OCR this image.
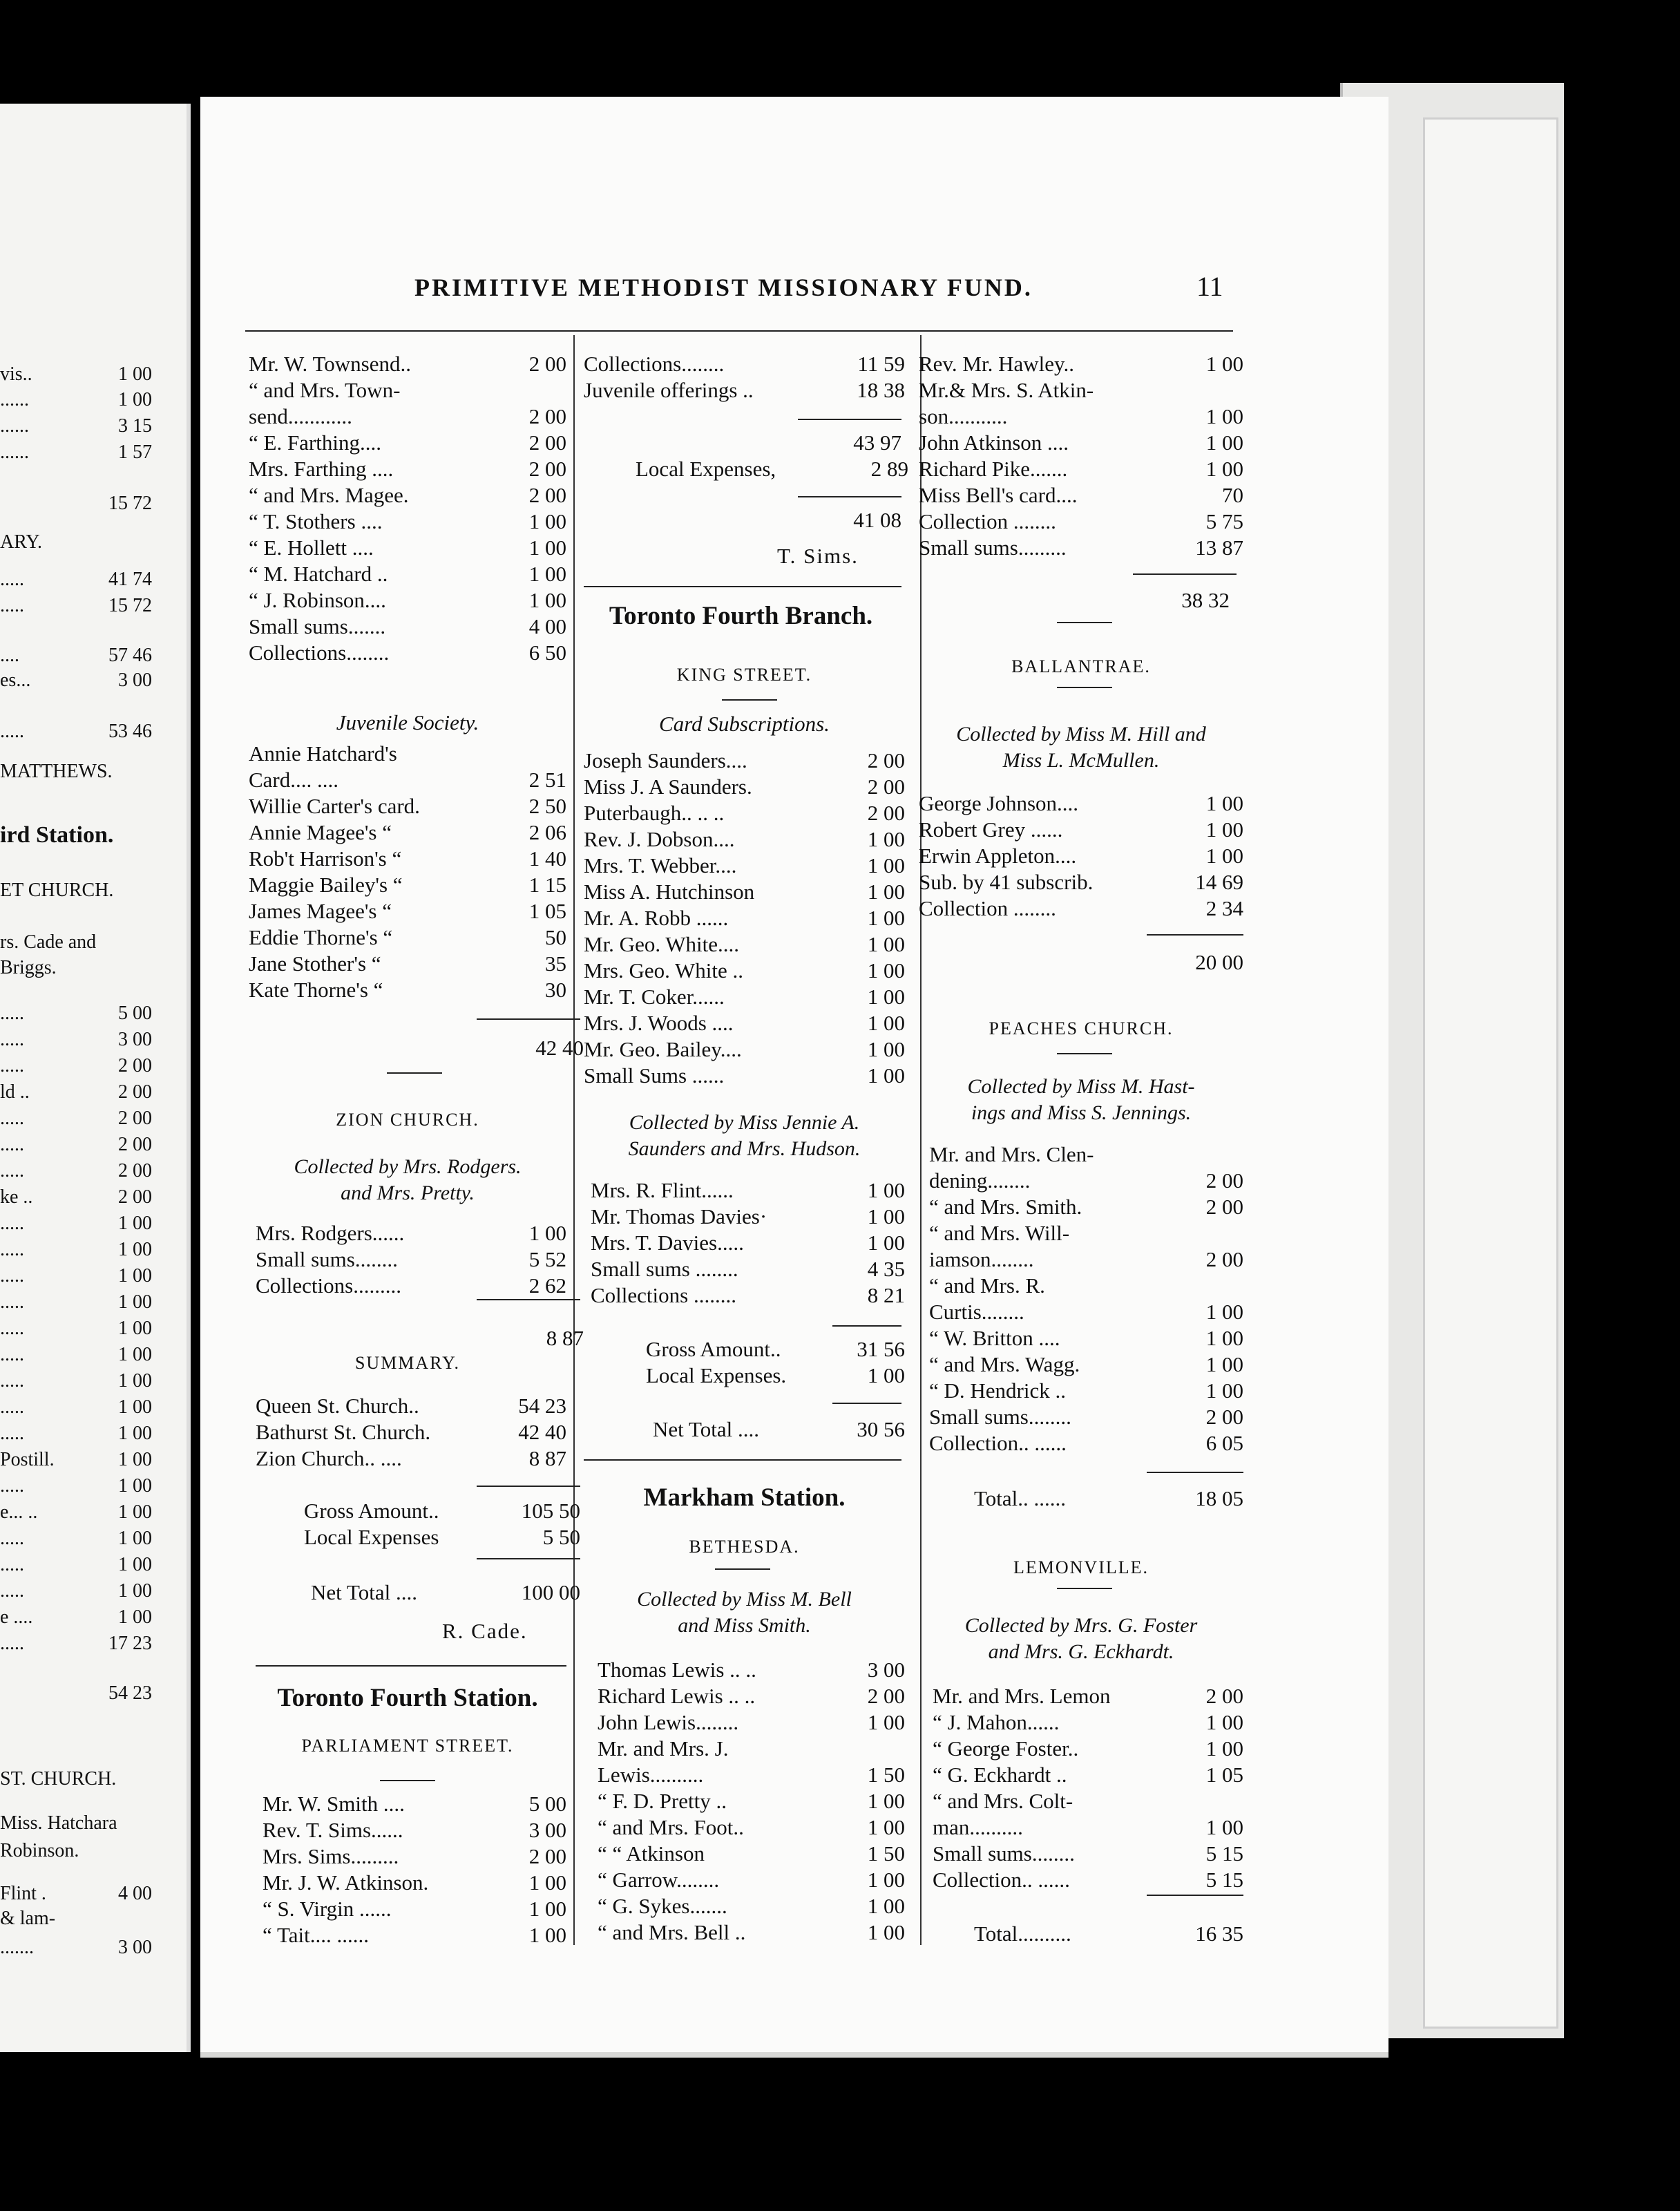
PRIMITIVE METHODIST MISSIONARY FUND.	11
vis..	1 00
......	1 00
......	3 15
......	1 57
15 72
ARY.
.....	41 74
.....	15 72
....	57 46
es...	3 00
.....	53 46
MATTHEWS.
ird Station.
ET CHURCH.
rs. Cade and
Briggs.
.....	5 00
.....	3 00
.....	2 00
ld ..	2 00
.....	2 00
.....	2 00
.....	2 00
ke ..	2 00
.....	1 00
.....	1 00
.....	1 00
.....	1 00
.....	1 00
.....	1 00
.....	1 00
.....	1 00
.....	1 00
Postill.	1 00
.....	1 00
e... ..	1 00
.....	1 00
.....	1 00
.....	1 00
e ....	1 00
.....	17 23
54 23
ST. CHURCH.
Miss. Hatchara
Robinson.
Flint .	4 00
& lam-
.......	3 00
Mr. W. Townsend..	2 00
“ and Mrs. Town-
send............	2 00
“ E. Farthing....	2 00
Mrs. Farthing ....	2 00
“ and Mrs. Magee.	2 00
“ T. Stothers ....	1 00
“ E. Hollett ....	1 00
“ M. Hatchard ..	1 00
“ J. Robinson....	1 00
Small sums.......	4 00
Collections........	6 50
Juvenile Society.
Annie Hatchard's
Card.... ....	2 51
Willie Carter's card.	2 50
Annie Magee's “	2 06
Rob't Harrison's “	1 40
Maggie Bailey's “	1 15
James Magee's “	1 05
Eddie Thorne's “	50
Jane Stother's “	35
Kate Thorne's “	30
42 40
ZION CHURCH.
Collected by Mrs. Rodgers.
and Mrs. Pretty.
Mrs. Rodgers......	1 00
Small sums........	5 52
Collections.........	2 62
8 87
SUMMARY.
Queen St. Church..	54 23
Bathurst St. Church.	42 40
Zion Church.. ....	8 87
Gross Amount..	105 50
Local Expenses	5 50
Net Total ....	100 00
R. Cade.
Toronto Fourth Station.
PARLIAMENT STREET.
Mr. W. Smith ....	5 00
Rev. T. Sims......	3 00
Mrs. Sims.........	2 00
Mr. J. W. Atkinson.	1 00
“ S. Virgin ......	1 00
“ Tait.... ......	1 00
Collections........	11 59
Juvenile offerings ..	18 38
43 97
Local Expenses,	2 89
41 08
T. Sims.
Toronto Fourth Branch.
KING STREET.
Card Subscriptions.
Joseph Saunders....	2 00
Miss J. A Saunders.	2 00
Puterbaugh.. .. ..	2 00
Rev. J. Dobson....	1 00
Mrs. T. Webber....	1 00
Miss A. Hutchinson	1 00
Mr. A. Robb ......	1 00
Mr. Geo. White....	1 00
Mrs. Geo. White ..	1 00
Mr. T. Coker......	1 00
Mrs. J. Woods ....	1 00
Mr. Geo. Bailey....	1 00
Small Sums ......	1 00
Collected by Miss Jennie A.
Saunders and Mrs. Hudson.
Mrs. R. Flint......	1 00
Mr. Thomas Davies·	1 00
Mrs. T. Davies.....	1 00
Small sums ........	4 35
Collections ........	8 21
Gross Amount..	31 56
Local Expenses.	1 00
Net Total ....	30 56
Markham Station.
BETHESDA.
Collected by Miss M. Bell
and Miss Smith.
Thomas Lewis .. ..	3 00
Richard Lewis .. ..	2 00
John Lewis........	1 00
Mr. and Mrs. J.
Lewis..........	1 50
“ F. D. Pretty ..	1 00
“ and Mrs. Foot..	1 00
“ “ Atkinson	1 50
“ Garrow........	1 00
“ G. Sykes.......	1 00
“ and Mrs. Bell ..	1 00
Rev. Mr. Hawley..	1 00
Mr.& Mrs. S. Atkin-
son...........	1 00
John Atkinson ....	1 00
Richard Pike.......	1 00
Miss Bell's card....	70
Collection ........	5 75
Small sums.........	13 87
38 32
BALLANTRAE.
Collected by Miss M. Hill and
Miss L. McMullen.
George Johnson....	1 00
Robert Grey ......	1 00
Erwin Appleton....	1 00
Sub. by 41 subscrib.	14 69
Collection ........	2 34
20 00
PEACHES CHURCH.
Collected by Miss M. Hast-
ings and Miss S. Jennings.
Mr. and Mrs. Clen-
dening........	2 00
“ and Mrs. Smith.	2 00
“ and Mrs. Will-
iamson........	2 00
“ and Mrs. R.
Curtis........	1 00
“ W. Britton ....	1 00
“ and Mrs. Wagg.	1 00
“ D. Hendrick ..	1 00
Small sums........	2 00
Collection.. ......	6 05
Total.. ......	18 05
LEMONVILLE.
Collected by Mrs. G. Foster
and Mrs. G. Eckhardt.
Mr. and Mrs. Lemon	2 00
“ J. Mahon......	1 00
“ George Foster..	1 00
“ G. Eckhardt ..	1 05
“ and Mrs. Colt-
man..........	1 00
Small sums........	5 15
Collection.. ......	5 15
Total..........	16 35
